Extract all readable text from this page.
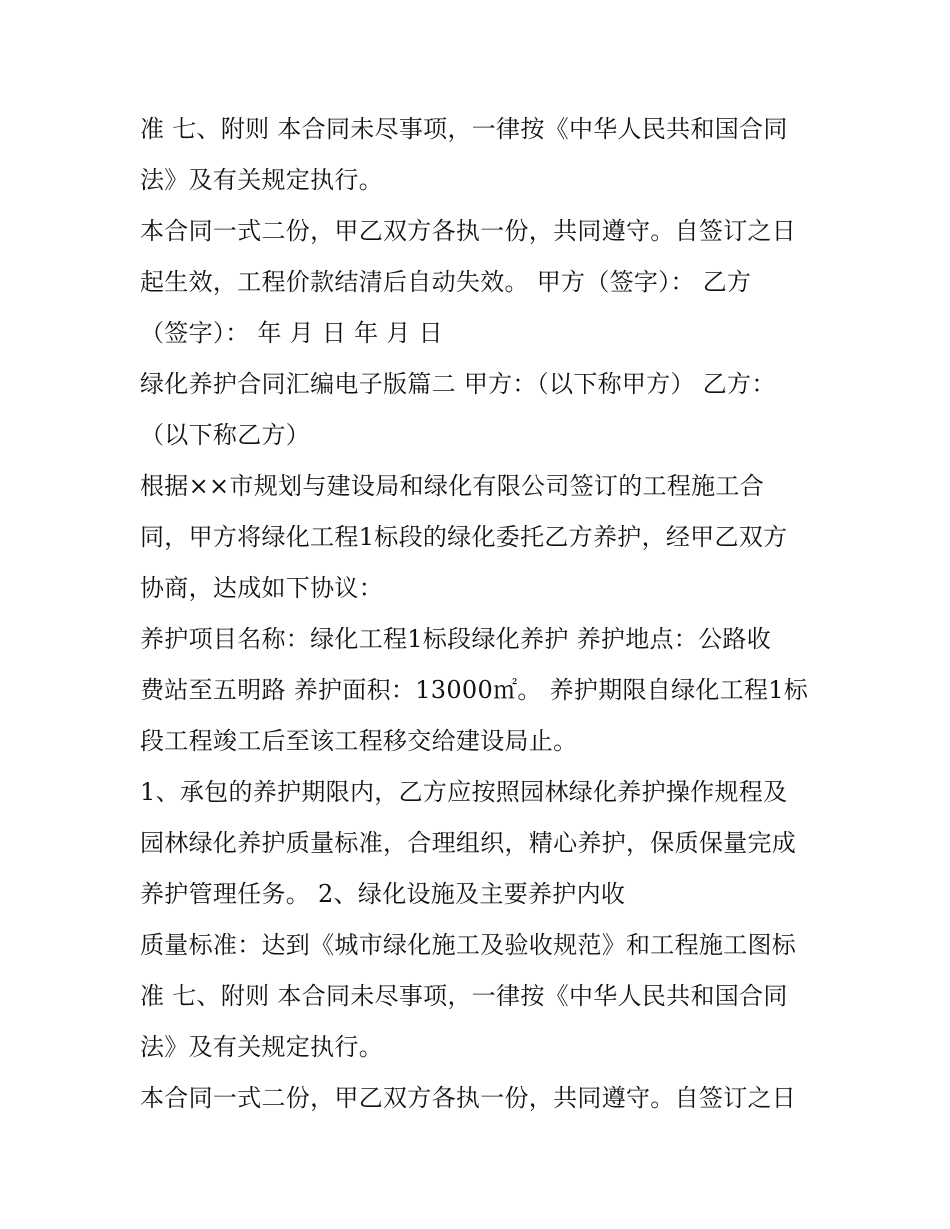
准 七、附则 本合同未尽事项，一律按《中华人民共和国合同
法》及有关规定执行。
本合同一式二份，甲乙双方各执一份，共同遵守。自签订之日
起生效，工程价款结清后自动失效。 甲方（签字）： 乙方
（签字）： 年 月 日 年 月 日
绿化养护合同汇编电子版篇二 甲方：（以下称甲方） 乙方：
（以下称乙方）
根据××市规划与建设局和绿化有限公司签订的工程施工合
同，甲方将绿化工程1标段的绿化委托乙方养护，经甲乙双方
协商，达成如下协议：
养护项目名称：绿化工程1标段绿化养护 养护地点：公路收
费站至五明路 养护面积：13000㎡。 养护期限自绿化工程1标
段工程竣工后至该工程移交给建设局止。
1、承包的养护期限内，乙方应按照园林绿化养护操作规程及
园林绿化养护质量标准，合理组织，精心养护，保质保量完成
养护管理任务。 2、绿化设施及主要养护内收
质量标准：达到《城市绿化施工及验收规范》和工程施工图标
准 七、附则 本合同未尽事项，一律按《中华人民共和国合同
法》及有关规定执行。
本合同一式二份，甲乙双方各执一份，共同遵守。自签订之日
